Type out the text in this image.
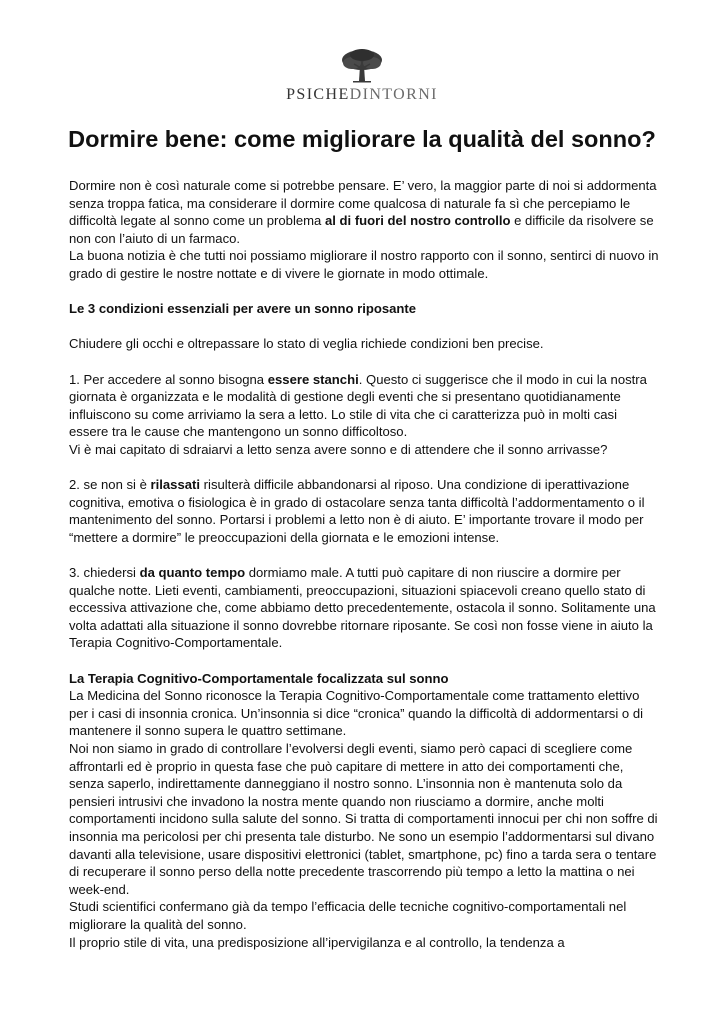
PSICHEDINTORNI
Dormire bene: come migliorare la qualità del sonno?

Dormire non è così naturale come si potrebbe pensare. E’ vero, la maggior parte di noi si addormenta senza troppa fatica, ma considerare il dormire come qualcosa di naturale fa sì che percepiamo le difficoltà legate al sonno come un problema al di fuori del nostro controllo e difficile da risolvere se non con l’aiuto di un farmaco.

La buona notizia è che tutti noi possiamo migliorare il nostro rapporto con il sonno, sentirci di nuovo in grado di gestire le nostre nottate e di vivere le giornate in modo ottimale.

Le 3 condizioni essenziali per avere un sonno riposante

Chiudere gli occhi e oltrepassare lo stato di veglia richiede condizioni ben precise.

1. Per accedere al sonno bisogna essere stanchi. Questo ci suggerisce che il modo in cui la nostra giornata è organizzata e le modalità di gestione degli eventi che si presentano quotidianamente influiscono su come arriviamo la sera a letto. Lo stile di vita che ci caratterizza può in molti casi essere tra le cause che mantengono un sonno difficoltoso.

Vi è mai capitato di sdraiarvi a letto senza avere sonno e di attendere che il sonno arrivasse?

2. se non si è rilassati risulterà difficile abbandonarsi al riposo. Una condizione di iperattivazione cognitiva, emotiva o fisiologica è in grado di ostacolare senza tanta difficoltà l’addormentamento o il mantenimento del sonno. Portarsi i problemi a letto non è di aiuto. E’ importante trovare il modo per “mettere a dormire” le preoccupazioni della giornata e le emozioni intense.

3. chiedersi da quanto tempo dormiamo male. A tutti può capitare di non riuscire a dormire per qualche notte. Lieti eventi, cambiamenti, preoccupazioni, situazioni spiacevoli creano quello stato di eccessiva attivazione che, come abbiamo detto precedentemente, ostacola il sonno. Solitamente una volta adattati alla situazione il sonno dovrebbe ritornare riposante. Se così non fosse viene in aiuto la Terapia Cognitivo-Comportamentale.

La Terapia Cognitivo-Comportamentale focalizzata sul sonno

La Medicina del Sonno riconosce la Terapia Cognitivo-Comportamentale come trattamento elettivo per i casi di insonnia cronica. Un’insonnia si dice “cronica” quando la difficoltà di addormentarsi o di mantenere il sonno supera le quattro settimane.

Noi non siamo in grado di controllare l’evolversi degli eventi, siamo però capaci di scegliere come affrontarli ed è proprio in questa fase che può capitare di mettere in atto dei comportamenti che, senza saperlo, indirettamente danneggiano il nostro sonno. L’insonnia non è mantenuta solo da pensieri intrusivi che invadono la nostra mente quando non riusciamo a dormire, anche molti comportamenti incidono sulla salute del sonno. Si tratta di comportamenti innocui per chi non soffre di insonnia ma pericolosi per chi presenta tale disturbo. Ne sono un esempio l’addormentarsi sul divano davanti alla televisione, usare dispositivi elettronici (tablet, smartphone, pc) fino a tarda sera o tentare di recuperare il sonno perso della notte precedente trascorrendo più tempo a letto la mattina o nei week-end.

Studi scientifici confermano già da tempo l’efficacia delle tecniche cognitivo-comportamentali nel migliorare la qualità del sonno.

Il proprio stile di vita, una predisposizione all’ipervigilanza e al controllo, la tendenza a
